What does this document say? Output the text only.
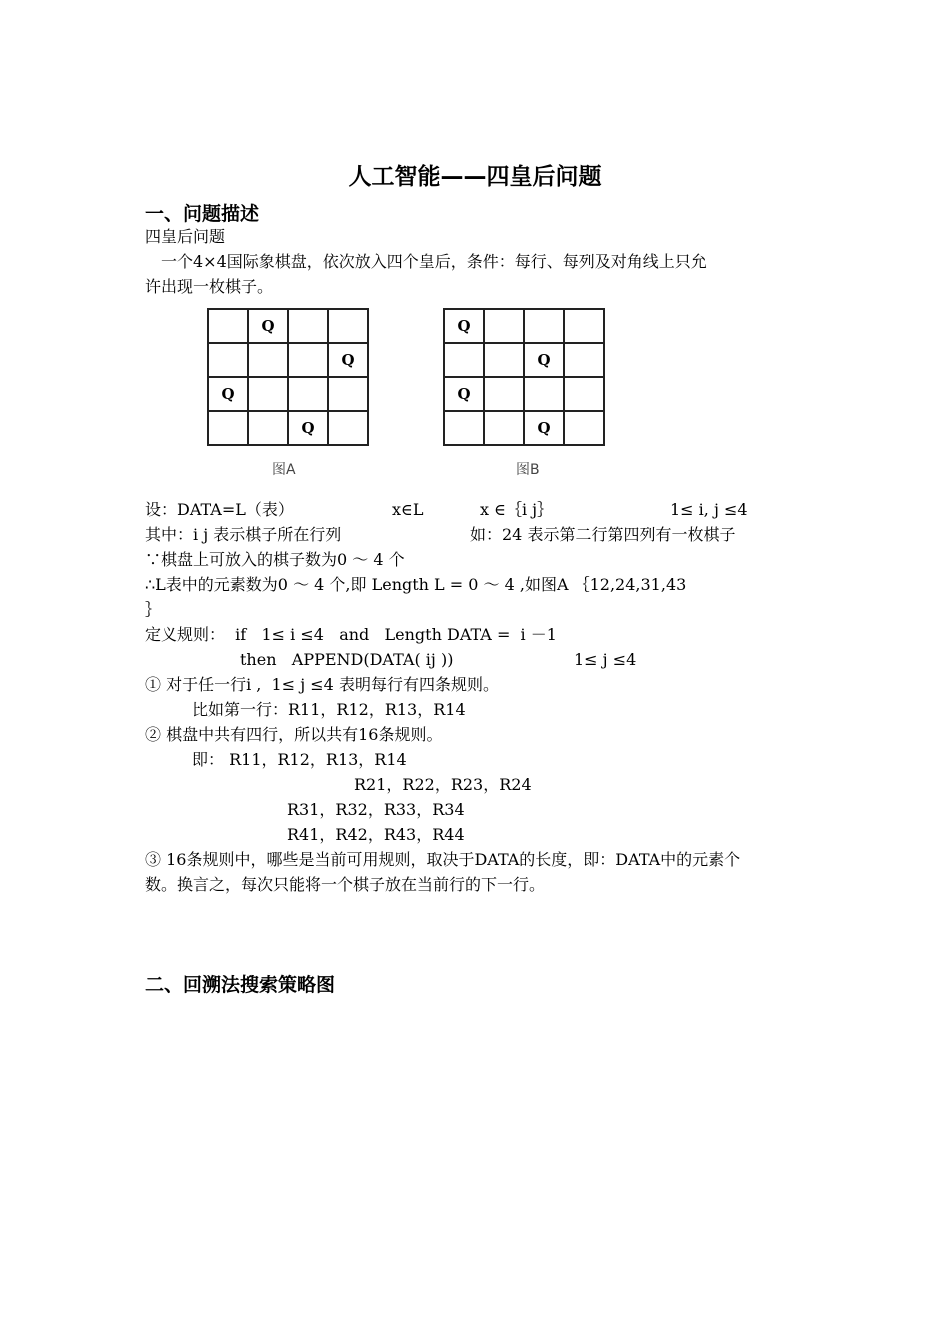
人工智能——四皇后问题
一、问题描述
四皇后问题
　一个4×4国际象棋盘，依次放入四个皇后，条件：每行、每列及对角线上只允
许出现一枚棋子。
	Q		
			Q
Q			
		Q	
图A
Q			
		Q	
Q			
		Q	
图B
设：DATA=L（表）	x∈L	x ∈｛i j｝	1≤ i, j ≤4
其中：i j 表示棋子所在行列	如：24 表示第二行第四列有一枚棋子
∵棋盘上可放入的棋子数为0 ～ 4 个
∴L表中的元素数为0 ～ 4 个,即 Length L = 0 ～ 4 ,如图A ｛12,24,31,43
｝
定义规则：  if   1≤ i ≤4   and   Length DATA =  i －1
then   APPEND(DATA( ij ))	1≤ j ≤4
① 对于任一行i ,  1≤ j ≤4 表明每行有四条规则。
比如第一行：R11，R12，R13，R14
② 棋盘中共有四行，所以共有16条规则。
即： R11，R12，R13，R14
R21，R22，R23，R24
R31，R32，R33，R34
R41，R42，R43，R44
③ 16条规则中，哪些是当前可用规则，取决于DATA的长度，即：DATA中的元素个
数。换言之，每次只能将一个棋子放在当前行的下一行。
二、回溯法搜索策略图
